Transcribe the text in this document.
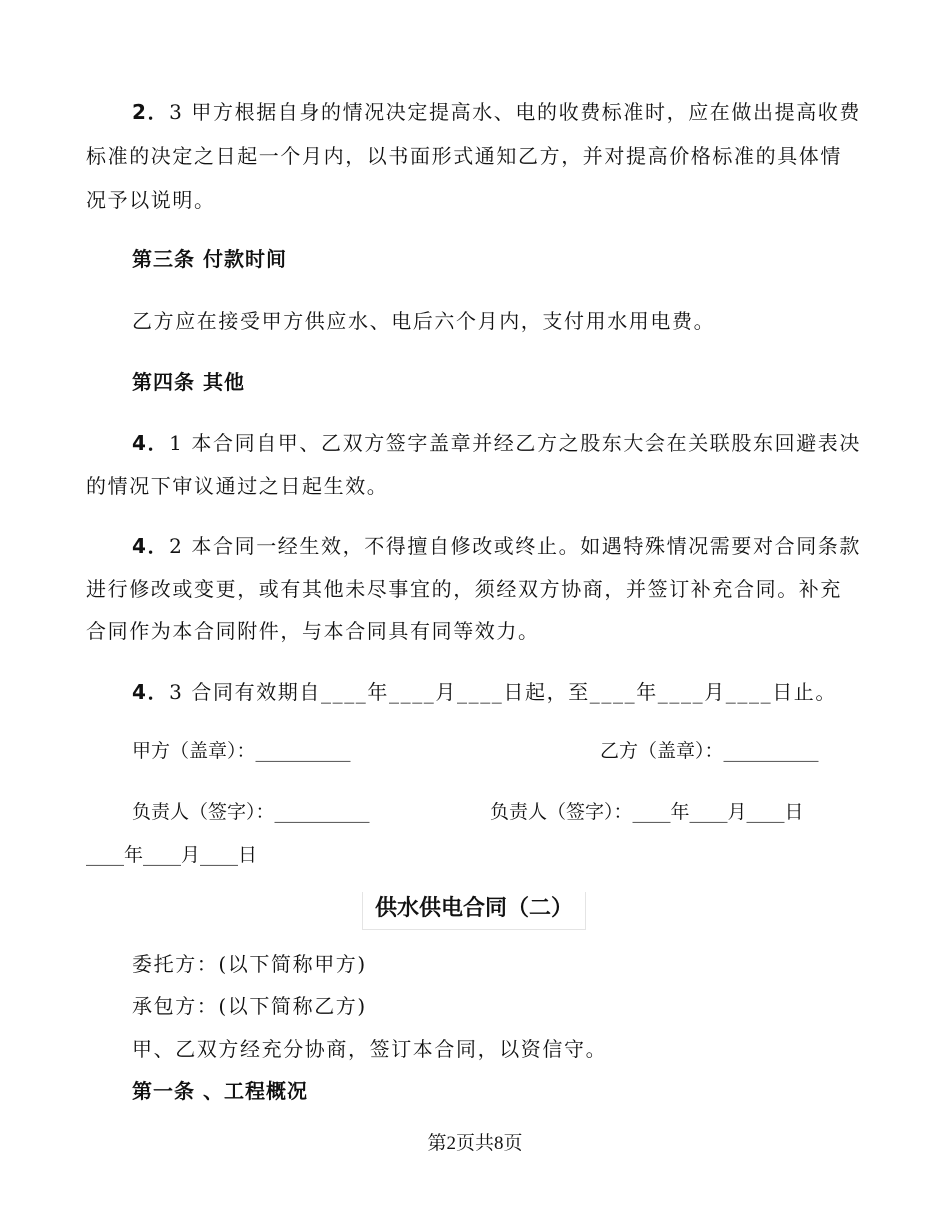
2．3 甲方根据自身的情况决定提高水、电的收费标准时，应在做出提高收费
标准的决定之日起一个月内，以书面形式通知乙方，并对提高价格标准的具体情
况予以说明。
第三条 付款时间
乙方应在接受甲方供应水、电后六个月内，支付用水用电费。
第四条 其他
4．1 本合同自甲、乙双方签字盖章并经乙方之股东大会在关联股东回避表决
的情况下审议通过之日起生效。
4．2 本合同一经生效，不得擅自修改或终止。如遇特殊情况需要对合同条款
进行修改或变更，或有其他未尽事宜的，须经双方协商，并签订补充合同。补充
合同作为本合同附件，与本合同具有同等效力。
4．3 合同有效期自____年____月____日起，至____年____月____日止。
甲方（盖章）：__________	乙方（盖章）：__________
负责人（签字）：__________	负责人（签字）：____年____月____日
____年____月____日
供水供电合同（二）
委托方：(以下简称甲方)
承包方：(以下简称乙方)
甲、乙双方经充分协商，签订本合同，以资信守。
第一条 、工程概况
第2页共8页
